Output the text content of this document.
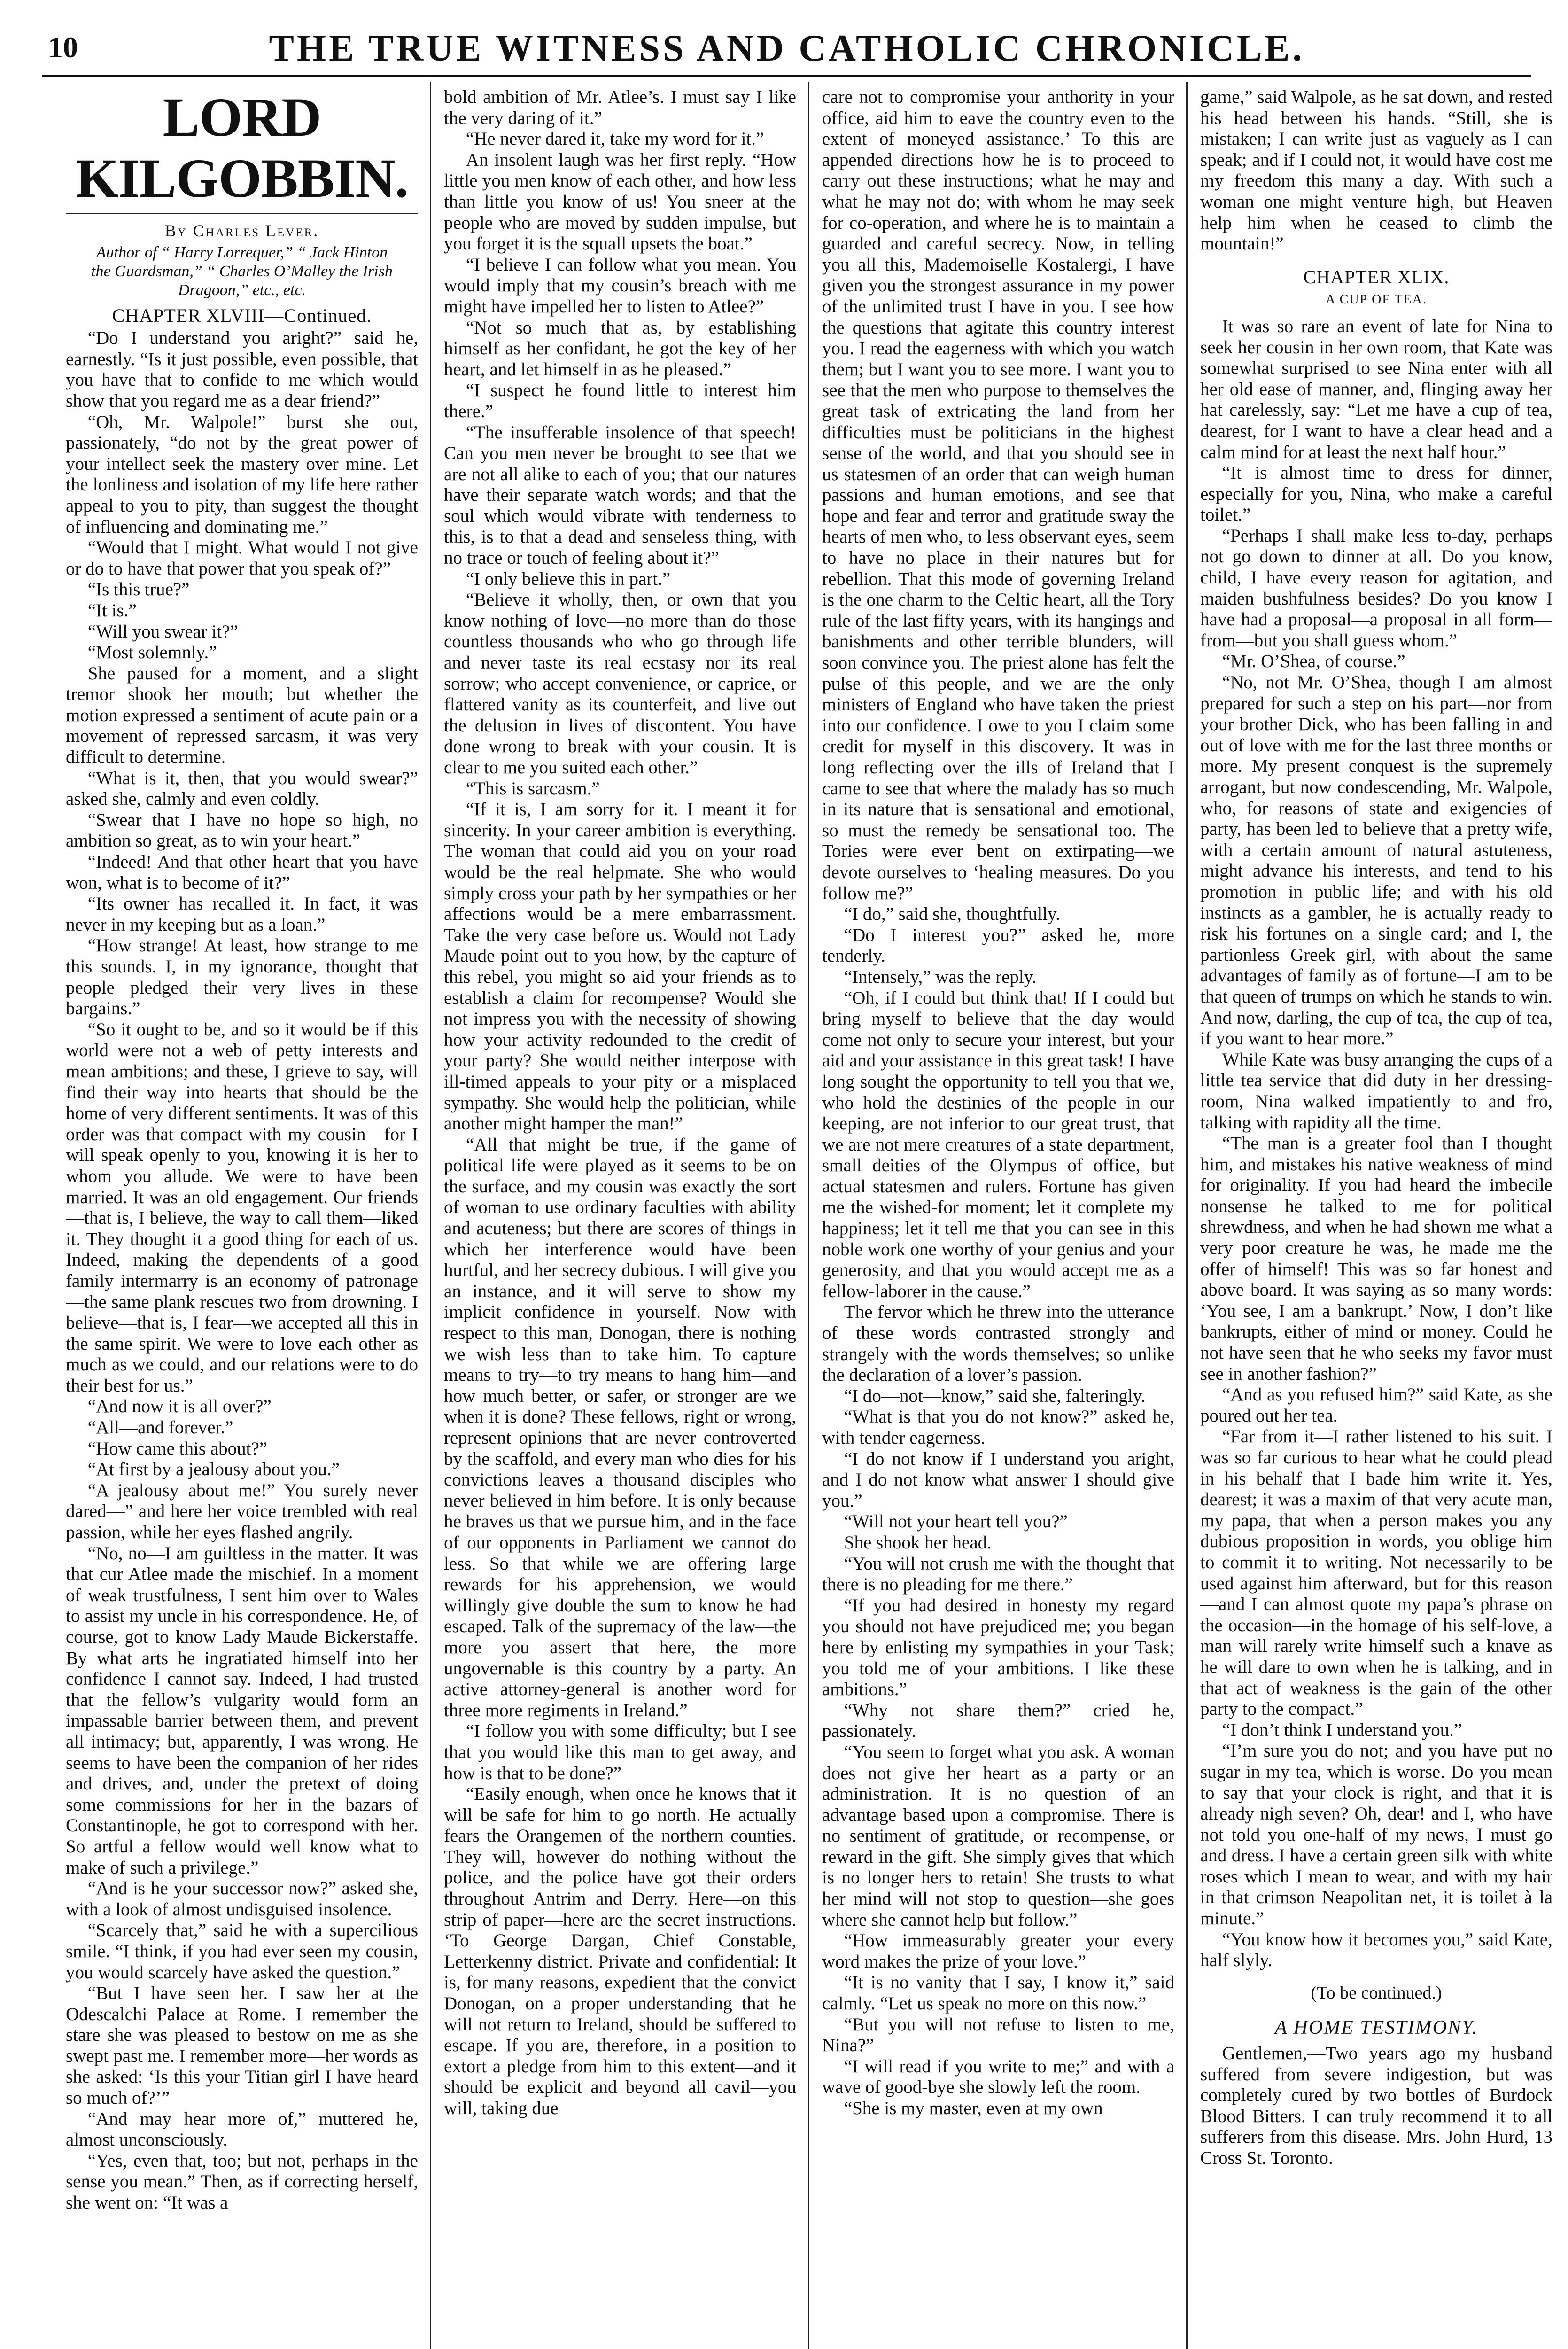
10	THE TRUE WITNESS AND CATHOLIC CHRONICLE.
LORD KILGOBBIN.
By Charles Lever.
Author of “ Harry Lorrequer,” “ Jack Hinton the Guardsman,” “ Charles O’Malley the Irish Dragoon,” etc., etc.
CHAPTER XLVIII—Continued.

“Do I understand you aright?” said he, earnestly. “Is it just possible, even possible, that you have that to confide to me which would show that you regard me as a dear friend?”

“Oh, Mr. Walpole!” burst she out, passionately, “do not by the great power of your intellect seek the mastery over mine. Let the lonliness and isolation of my life here rather appeal to you to pity, than suggest the thought of influencing and dominating me.”

“Would that I might. What would I not give or do to have that power that you speak of?”

“Is this true?”

“It is.”

“Will you swear it?”

“Most solemnly.”

She paused for a moment, and a slight tremor shook her mouth; but whether the motion expressed a sentiment of acute pain or a movement of repressed sarcasm, it was very difficult to determine.

“What is it, then, that you would swear?” asked she, calmly and even coldly.

“Swear that I have no hope so high, no ambition so great, as to win your heart.”

“Indeed! And that other heart that you have won, what is to become of it?”

“Its owner has recalled it. In fact, it was never in my keeping but as a loan.”

“How strange! At least, how strange to me this sounds. I, in my ignorance, thought that people pledged their very lives in these bargains.”

“So it ought to be, and so it would be if this world were not a web of petty interests and mean ambitions; and these, I grieve to say, will find their way into hearts that should be the home of very different sentiments. It was of this order was that compact with my cousin—for I will speak openly to you, knowing it is her to whom you allude. We were to have been married. It was an old engagement. Our friends—that is, I believe, the way to call them—liked it. They thought it a good thing for each of us. Indeed, making the dependents of a good family intermarry is an economy of patronage—the same plank rescues two from drowning. I believe—that is, I fear—we accepted all this in the same spirit. We were to love each other as much as we could, and our relations were to do their best for us.”

“And now it is all over?”

“All—and forever.”

“How came this about?”

“At first by a jealousy about you.”

“A jealousy about me!” You surely never dared—” and here her voice trembled with real passion, while her eyes flashed angrily.

“No, no—I am guiltless in the matter. It was that cur Atlee made the mischief. In a moment of weak trustfulness, I sent him over to Wales to assist my uncle in his correspondence. He, of course, got to know Lady Maude Bickerstaffe. By what arts he ingratiated himself into her confidence I cannot say. Indeed, I had trusted that the fellow’s vulgarity would form an impassable barrier between them, and prevent all intimacy; but, apparently, I was wrong. He seems to have been the companion of her rides and drives, and, under the pretext of doing some commissions for her in the bazars of Constantinople, he got to correspond with her. So artful a fellow would well know what to make of such a privilege.”

“And is he your successor now?” asked she, with a look of almost undisguised insolence.

“Scarcely that,” said he with a supercilious smile. “I think, if you had ever seen my cousin, you would scarcely have asked the question.”

“But I have seen her. I saw her at the Odescalchi Palace at Rome. I remember the stare she was pleased to bestow on me as she swept past me. I remember more—her words as she asked: ‘Is this your Titian girl I have heard so much of?’”

“And may hear more of,” muttered he, almost unconsciously.

“Yes, even that, too; but not, perhaps in the sense you mean.” Then, as if correcting herself, she went on: “It was a

bold ambition of Mr. Atlee’s. I must say I like the very daring of it.”

“He never dared it, take my word for it.”

An insolent laugh was her first reply. “How little you men know of each other, and how less than little you know of us! You sneer at the people who are moved by sudden impulse, but you forget it is the squall upsets the boat.”

“I believe I can follow what you mean. You would imply that my cousin’s breach with me might have impelled her to listen to Atlee?”

“Not so much that as, by establishing himself as her confidant, he got the key of her heart, and let himself in as he pleased.”

“I suspect he found little to interest him there.”

“The insufferable insolence of that speech! Can you men never be brought to see that we are not all alike to each of you; that our natures have their separate watch words; and that the soul which would vibrate with tenderness to this, is to that a dead and senseless thing, with no trace or touch of feeling about it?”

“I only believe this in part.”

“Believe it wholly, then, or own that you know nothing of love—no more than do those countless thousands who who go through life and never taste its real ecstasy nor its real sorrow; who accept convenience, or caprice, or flattered vanity as its counterfeit, and live out the delusion in lives of discontent. You have done wrong to break with your cousin. It is clear to me you suited each other.”

“This is sarcasm.”

“If it is, I am sorry for it. I meant it for sincerity. In your career ambition is everything. The woman that could aid you on your road would be the real helpmate. She who would simply cross your path by her sympathies or her affections would be a mere embarrassment. Take the very case before us. Would not Lady Maude point out to you how, by the capture of this rebel, you might so aid your friends as to establish a claim for recompense? Would she not impress you with the necessity of showing how your activity redounded to the credit of your party? She would neither interpose with ill-timed appeals to your pity or a misplaced sympathy. She would help the politician, while another might hamper the man!”

“All that might be true, if the game of political life were played as it seems to be on the surface, and my cousin was exactly the sort of woman to use ordinary faculties with ability and acuteness; but there are scores of things in which her interference would have been hurtful, and her secrecy dubious. I will give you an instance, and it will serve to show my implicit confidence in yourself. Now with respect to this man, Donogan, there is nothing we wish less than to take him. To capture means to try—to try means to hang him—and how much better, or safer, or stronger are we when it is done? These fellows, right or wrong, represent opinions that are never controverted by the scaffold, and every man who dies for his convictions leaves a thousand disciples who never believed in him before. It is only because he braves us that we pursue him, and in the face of our opponents in Parliament we cannot do less. So that while we are offering large rewards for his apprehension, we would willingly give double the sum to know he had escaped. Talk of the supremacy of the law—the more you assert that here, the more ungovernable is this country by a party. An active attorney-general is another word for three more regiments in Ireland.”

“I follow you with some difficulty; but I see that you would like this man to get away, and how is that to be done?”

“Easily enough, when once he knows that it will be safe for him to go north. He actually fears the Orangemen of the northern counties. They will, however do nothing without the police, and the police have got their orders throughout Antrim and Derry. Here—on this strip of paper—here are the secret instructions. ‘To George Dargan, Chief Constable, Letterkenny district. Private and confidential: It is, for many reasons, expedient that the convict Donogan, on a proper understanding that he will not return to Ireland, should be suffered to escape. If you are, therefore, in a position to extort a pledge from him to this extent—and it should be explicit and beyond all cavil—you will, taking due

care not to compromise your anthority in your office, aid him to eave the country even to the extent of moneyed assistance.’ To this are appended directions how he is to proceed to carry out these instructions; what he may and what he may not do; with whom he may seek for co-operation, and where he is to maintain a guarded and careful secrecy. Now, in telling you all this, Mademoiselle Kostalergi, I have given you the strongest assurance in my power of the unlimited trust I have in you. I see how the questions that agitate this country interest you. I read the eagerness with which you watch them; but I want you to see more. I want you to see that the men who purpose to themselves the great task of extricating the land from her difficulties must be politicians in the highest sense of the world, and that you should see in us statesmen of an order that can weigh human passions and human emotions, and see that hope and fear and terror and gratitude sway the hearts of men who, to less observant eyes, seem to have no place in their natures but for rebellion. That this mode of governing Ireland is the one charm to the Celtic heart, all the Tory rule of the last fifty years, with its hangings and banishments and other terrible blunders, will soon convince you. The priest alone has felt the pulse of this people, and we are the only ministers of England who have taken the priest into our confidence. I owe to you I claim some credit for myself in this discovery. It was in long reflecting over the ills of Ireland that I came to see that where the malady has so much in its nature that is sensational and emotional, so must the remedy be sensational too. The Tories were ever bent on extirpating—we devote ourselves to ‘healing measures. Do you follow me?”

“I do,” said she, thoughtfully.

“Do I interest you?” asked he, more tenderly.

“Intensely,” was the reply.

“Oh, if I could but think that! If I could but bring myself to believe that the day would come not only to secure your interest, but your aid and your assistance in this great task! I have long sought the opportunity to tell you that we, who hold the destinies of the people in our keeping, are not inferior to our great trust, that we are not mere creatures of a state department, small deities of the Olympus of office, but actual statesmen and rulers. Fortune has given me the wished-for moment; let it complete my happiness; let it tell me that you can see in this noble work one worthy of your genius and your generosity, and that you would accept me as a fellow-laborer in the cause.”

The fervor which he threw into the utterance of these words contrasted strongly and strangely with the words themselves; so unlike the declaration of a lover’s passion.

“I do—not—know,” said she, falteringly.

“What is that you do not know?” asked he, with tender eagerness.

“I do not know if I understand you aright, and I do not know what answer I should give you.”

“Will not your heart tell you?”

She shook her head.

“You will not crush me with the thought that there is no pleading for me there.”

“If you had desired in honesty my regard you should not have prejudiced me; you began here by enlisting my sympathies in your Task; you told me of your ambitions. I like these ambitions.”

“Why not share them?” cried he, passionately.

“You seem to forget what you ask. A woman does not give her heart as a party or an administration. It is no question of an advantage based upon a compromise. There is no sentiment of gratitude, or recompense, or reward in the gift. She simply gives that which is no longer hers to retain! She trusts to what her mind will not stop to question—she goes where she cannot help but follow.”

“How immeasurably greater your every word makes the prize of your love.”

“It is no vanity that I say, I know it,” said calmly. “Let us speak no more on this now.”

“But you will not refuse to listen to me, Nina?”

“I will read if you write to me;” and with a wave of good-bye she slowly left the room.

“She is my master, even at my own

game,” said Walpole, as he sat down, and rested his head between his hands. “Still, she is mistaken; I can write just as vaguely as I can speak; and if I could not, it would have cost me my freedom this many a day. With such a woman one might venture high, but Heaven help him when he ceased to climb the mountain!”

CHAPTER XLIX.
A CUP OF TEA.

It was so rare an event of late for Nina to seek her cousin in her own room, that Kate was somewhat surprised to see Nina enter with all her old ease of manner, and, flinging away her hat carelessly, say: “Let me have a cup of tea, dearest, for I want to have a clear head and a calm mind for at least the next half hour.”

“It is almost time to dress for dinner, especially for you, Nina, who make a careful toilet.”

“Perhaps I shall make less to-day, perhaps not go down to dinner at all. Do you know, child, I have every reason for agitation, and maiden bushfulness besides? Do you know I have had a proposal—a proposal in all form—from—but you shall guess whom.”

“Mr. O’Shea, of course.”

“No, not Mr. O’Shea, though I am almost prepared for such a step on his part—nor from your brother Dick, who has been falling in and out of love with me for the last three months or more. My present conquest is the supremely arrogant, but now condescending, Mr. Walpole, who, for reasons of state and exigencies of party, has been led to believe that a pretty wife, with a certain amount of natural astuteness, might advance his interests, and tend to his promotion in public life; and with his old instincts as a gambler, he is actually ready to risk his fortunes on a single card; and I, the partionless Greek girl, with about the same advantages of family as of fortune—I am to be that queen of trumps on which he stands to win. And now, darling, the cup of tea, the cup of tea, if you want to hear more.”

While Kate was busy arranging the cups of a little tea service that did duty in her dressing-room, Nina walked impatiently to and fro, talking with rapidity all the time.

“The man is a greater fool than I thought him, and mistakes his native weakness of mind for originality. If you had heard the imbecile nonsense he talked to me for political shrewdness, and when he had shown me what a very poor creature he was, he made me the offer of himself! This was so far honest and above board. It was saying as so many words: ‘You see, I am a bankrupt.’ Now, I don’t like bankrupts, either of mind or money. Could he not have seen that he who seeks my favor must see in another fashion?”

“And as you refused him?” said Kate, as she poured out her tea.

“Far from it—I rather listened to his suit. I was so far curious to hear what he could plead in his behalf that I bade him write it. Yes, dearest; it was a maxim of that very acute man, my papa, that when a person makes you any dubious proposition in words, you oblige him to commit it to writing. Not necessarily to be used against him afterward, but for this reason—and I can almost quote my papa’s phrase on the occasion—in the homage of his self-love, a man will rarely write himself such a knave as he will dare to own when he is talking, and in that act of weakness is the gain of the other party to the compact.”

“I don’t think I understand you.”

“I’m sure you do not; and you have put no sugar in my tea, which is worse. Do you mean to say that your clock is right, and that it is already nigh seven? Oh, dear! and I, who have not told you one-half of my news, I must go and dress. I have a certain green silk with white roses which I mean to wear, and with my hair in that crimson Neapolitan net, it is toilet à la minute.”

“You know how it becomes you,” said Kate, half slyly.

(To be continued.)
A HOME TESTIMONY.

Gentlemen,—Two years ago my husband suffered from severe indigestion, but was completely cured by two bottles of Burdock Blood Bitters. I can truly recommend it to all sufferers from this disease. Mrs. John Hurd, 13 Cross St. Toronto.
